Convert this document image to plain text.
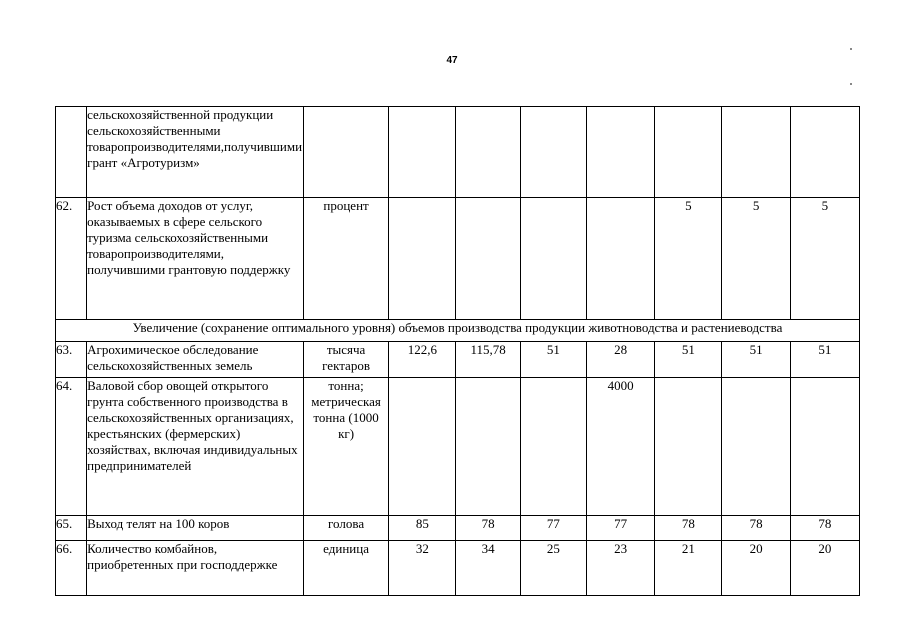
47
	сельскохозяйственной продукции сельскохозяйственными товаропроизводителями,получившими грант «Агротуризм»								
62.	Рост объема доходов от услуг, оказываемых в сфере сельского туризма сельскохозяйственными товаропроизводителями, получившими грантовую поддержку	процент					5	5	5
Увеличение (сохранение оптимального уровня) объемов производства продукции животноводства и растениеводства									
63.	Агрохимическое обследование сельскохозяйственных земель	тысяча гектаров	122,6	115,78	51	28	51	51	51
64.	Валовой сбор овощей открытого грунта собственного производства в сельскохозяйственных организациях, крестьянских (фермерских) хозяйствах, включая индивидуальных предпринимателей	тонна; метрическая тонна (1000 кг)				4000			
65.	Выход телят на 100 коров	голова	85	78	77	77	78	78	78
66.	Количество комбайнов, приобретенных при господдержке	единица	32	34	25	23	21	20	20
